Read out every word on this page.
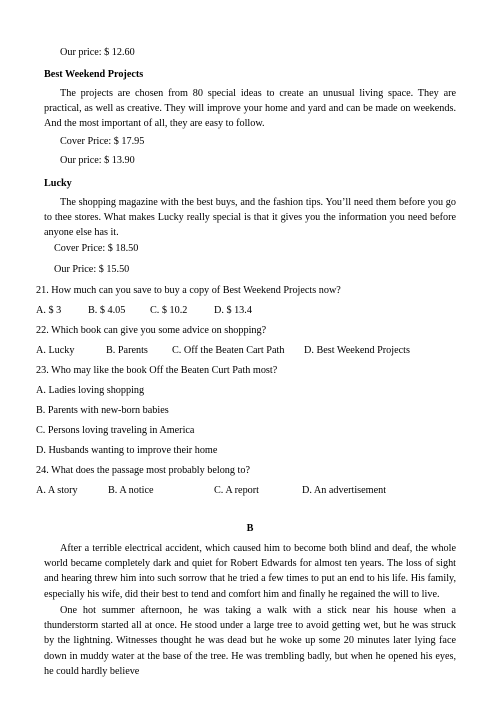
Our price: $ 12.60
Best Weekend Projects
The projects are chosen from 80 special ideas to create an unusual living space. They are practical, as well as creative. They will improve your home and yard and can be made on weekends. And the most important of all, they are easy to follow.
Cover Price: $ 17.95
Our price: $ 13.90
Lucky
The shopping magazine with the best buys, and the fashion tips. You’ll need them before you go to thee stores. What makes Lucky really special is that it gives you the information you need before anyone else has it.
Cover Price: $ 18.50
Our Price: $ 15.50
21. How much can you save to buy a copy of Best Weekend Projects now?
A. $ 3	B. $ 4.05 C. $ 10.2	D. $ 13.4
22. Which book can give you some advice on shopping?
A. Lucky	B. Parents C. Off the Beaten Cart Path D. Best Weekend Projects
23. Who may like the book Off the Beaten Curt Path most?
A. Ladies loving shopping
B. Parents with new-born babies
C. Persons loving traveling in America
D. Husbands wanting to improve their home
24. What does the passage most probably belong to?
A. A story	B. A notice	C. A report	D. An advertisement
B
After a terrible electrical accident, which caused him to become both blind and deaf, the whole world became completely dark and quiet for Robert Edwards for almost ten years. The loss of sight and hearing threw him into such sorrow that he tried a few times to put an end to his life. His family, especially his wife, did their best to tend and comfort him and finally he regained the will to live.
One hot summer afternoon, he was taking a walk with a stick near his house when a thunderstorm started all at once. He stood under a large tree to avoid getting wet, but he was struck by the lightning. Witnesses thought he was dead but he woke up some 20 minutes later lying face down in muddy water at the base of the tree. He was trembling badly, but when he opened his eyes, he could hardly believe
